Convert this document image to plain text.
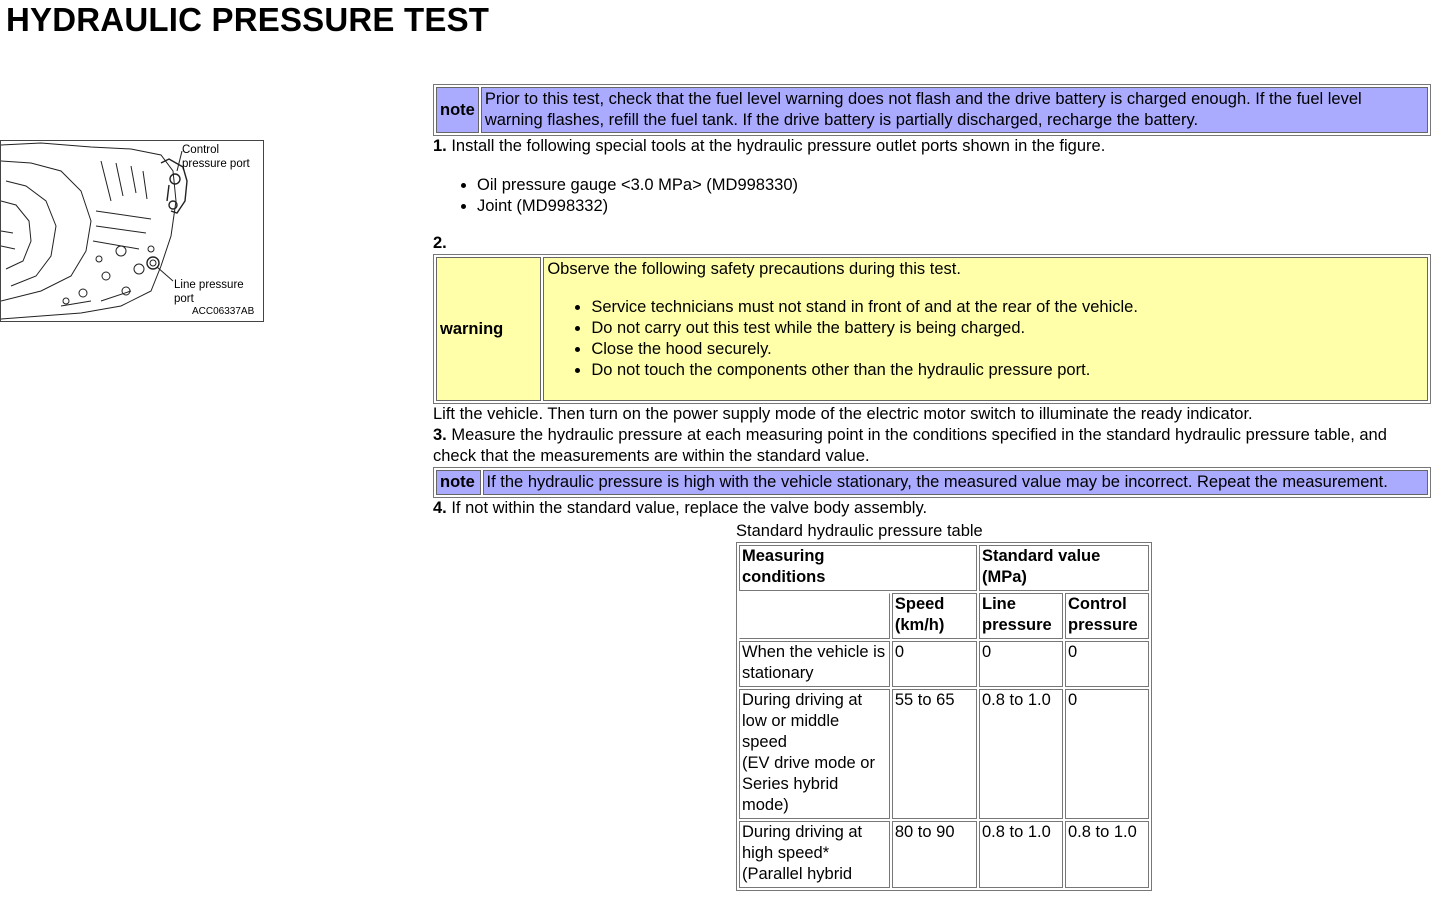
HYDRAULIC PRESSURE TEST
Control
pressure port
Line pressure
port
ACC06337AB
note	Prior to this test, check that the fuel level warning does not flash and the drive battery is charged enough. If the fuel level warning flashes, refill the fuel tank. If the drive battery is partially discharged, recharge the battery.

1. Install the following special tools at the hydraulic pressure outlet ports shown in the figure.

• Oil pressure gauge <3.0 MPa> (MD998330)
• Joint (MD998332)

2.

warning	
Observe the following safety precautions during this test.
• Service technicians must not stand in front of and at the rear of the vehicle.
• Do not carry out this test while the battery is being charged.
• Close the hood securely.
• Do not touch the components other than the hydraulic pressure port.

Lift the vehicle. Then turn on the power supply mode of the electric motor switch to illuminate the ready indicator.

3. Measure the hydraulic pressure at each measuring point in the conditions specified in the standard hydraulic pressure table, and check that the measurements are within the standard value.

note	If the hydraulic pressure is high with the vehicle stationary, the measured value may be incorrect. Repeat the measurement.

4. If not within the standard value, replace the valve body assembly.

Standard hydraulic pressure table

Measuring conditions		Standard value (MPa)	

	Speed (km/h)	Line pressure	Control pressure
When the vehicle is stationary	0	0	0
During driving at low or middle speed
(EV drive mode or Series hybrid mode)	55 to 65	0.8 to 1.0	0
During driving at high speed*
(Parallel hybrid	80 to 90	0.8 to 1.0	0.8 to 1.0
